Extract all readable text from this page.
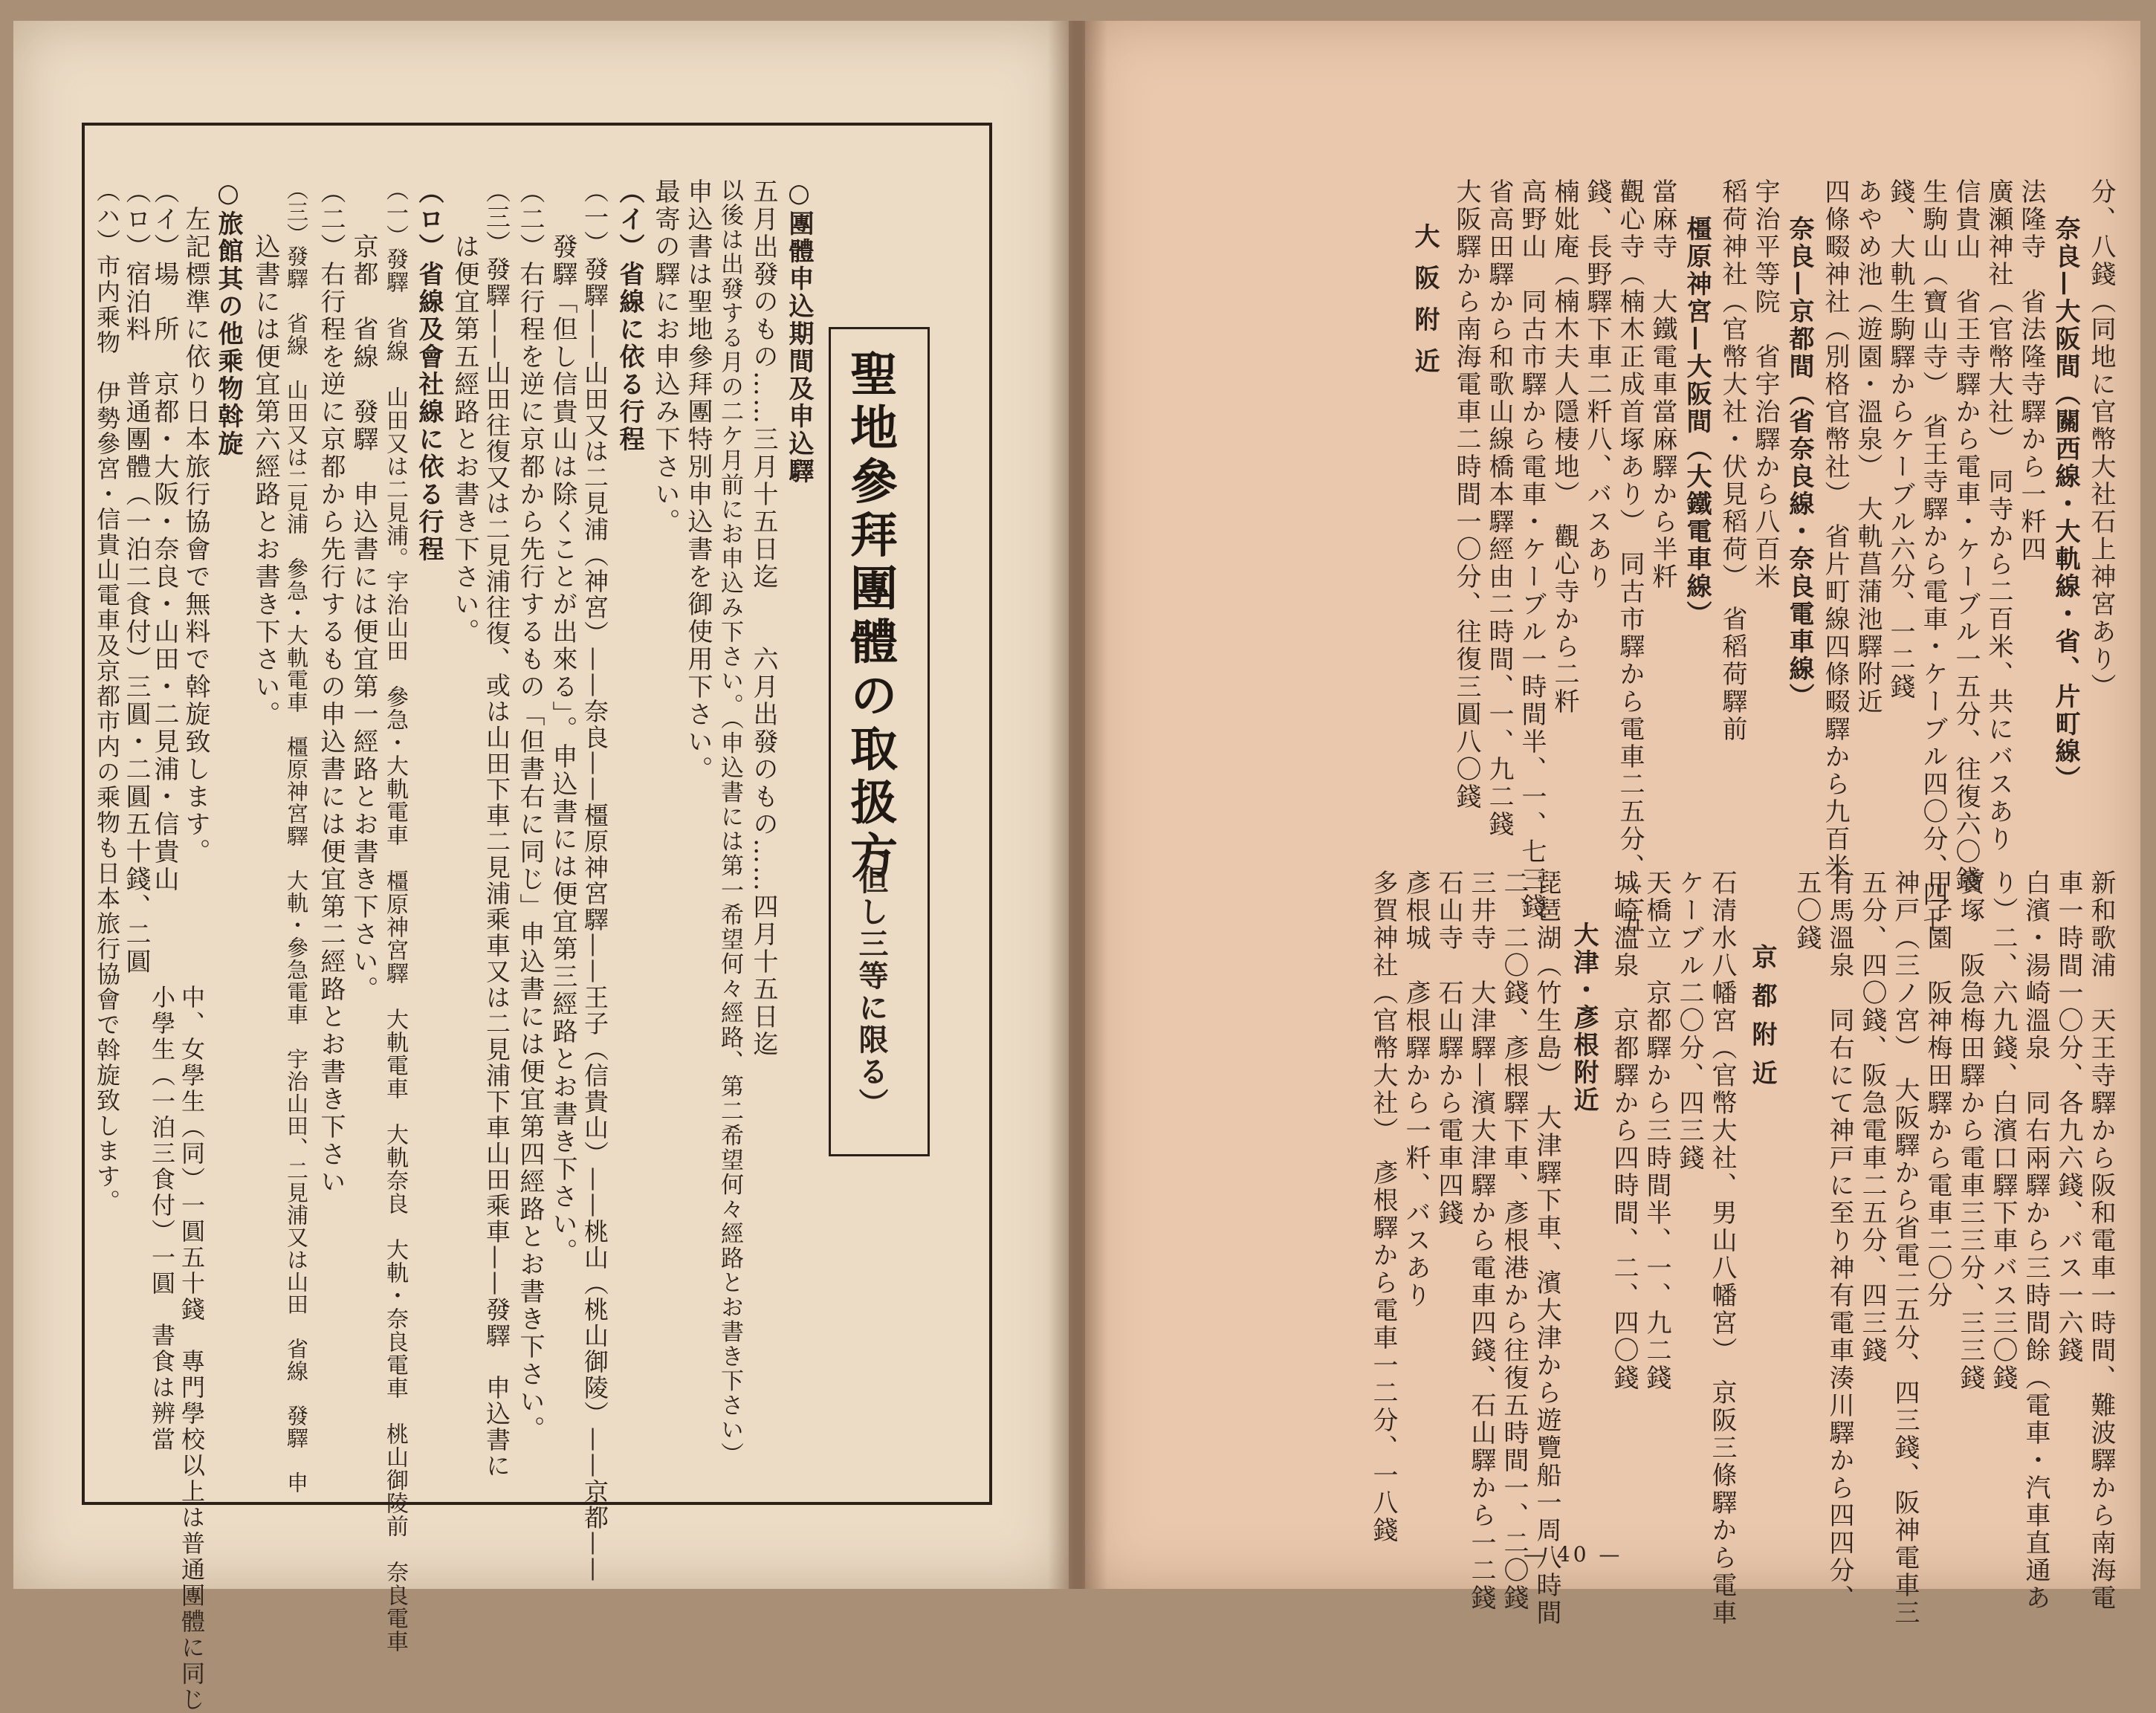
聖地參拜團體の取扱方
（但し三等に限る）
○團體申込期間及申込驛
五月出發のもの……三月十五日迄　　六月出發のもの……四月十五日迄
以後は出發する月の二ケ月前にお申込み下さい。（申込書には第一希望何々經路、第二希望何々經路とお書き下さい）
申込書は聖地參拜團特別申込書を御使用下さい。
最寄の驛にお申込み下さい。
（イ）省線に依る行程
（一）發驛——山田又は二見浦（神宮）——奈良——橿原神宮驛——王子（信貴山）——桃山（桃山御陵）——京都——
　　發驛「但し信貴山は除くことが出來る」。申込書には便宜第三經路とお書き下さい。
（二）右行程を逆に京都から先行するもの「但書右に同じ」申込書には便宜第四經路とお書き下さい。
（三）發驛——山田往復又は二見浦往復、或は山田下車二見浦乘車又は二見浦下車山田乘車——發驛　申込書に
　　は便宜第五經路とお書き下さい。
（ロ）省線及會社線に依る行程
（一）發驛　省線　山田又は二見浦。宇治山田　參急・大軌電車　橿原神宮驛　大軌電車　大軌奈良　大軌・奈良電車　桃山御陵前　奈良電車
　　京都　省線　發驛　申込書には便宜第一經路とお書き下さい。
（二）右行程を逆に京都から先行するもの申込書には便宜第二經路とお書き下さい
（三）發驛　省線　山田又は二見浦　參急・大軌電車　橿原神宮驛　大軌・參急電車　宇治山田、二見浦又は山田　省線　發驛　申
　　込書には便宜第六經路とお書き下さい。
○旅館其の他乘物斡旋
　左記標準に依り日本旅行協會で無料で斡旋致します。
（イ）場　所　京都・大阪・奈良・山田・二見浦・信貴山
（ロ）宿泊料　普通團體（一泊二食付）三圓・二圓五十錢、二圓
　　　　　中、女學生（同）一圓五十錢　專門學校以上は普通團體に同じ
　　　　　小學生（一泊三食付）一圓　書食は辨當
（ハ）市内乘物　伊勢參宮・信貴山電車及京都市内の乘物も日本旅行協會で斡旋致します。	分、八錢（同地に官幣大社石上神宮あり）
奈良—大阪間（關西線・大軌線・省、片町線）
法隆寺　省法隆寺驛から一粁四
廣瀬神社（官幣大社）　同寺から二百米、共にバスあり
信貴山　省王寺驛から電車・ケーブル一五分、往復六〇錢
生駒山（寶山寺）　省王寺驛から電車・ケーブル四〇分、四七
錢、大軌生駒驛からケーブル六分、一二錢
あやめ池（遊園・溫泉）　大軌菖蒲池驛附近
四條畷神社（別格官幣社）　省片町線四條畷驛から九百米
奈良—京都間（省奈良線・奈良電車線）
宇治平等院　省宇治驛から八百米
稻荷神社（官幣大社・伏見稻荷）　省稻荷驛前
橿原神宮—大阪間（大鐵電車線）
當麻寺　大鐵電車當麻驛から半粁
觀心寺（楠木正成首塚あり）　同古市驛から電車二五分、二五
錢、長野驛下車二粁八、バスあり
楠妣庵（楠木夫人隱棲地）　觀心寺から二粁
高野山　同古市驛から電車・ケーブル一時間半、一、七三錢
省高田驛から和歌山線橋本驛經由二時間、一、九二錢
大阪驛から南海電車二時間一〇分、往復三圓八〇錢
大阪附近
新和歌浦　天王寺驛から阪和電車一時間、難波驛から南海電
車一時間一〇分、各九六錢、バス一六錢
白濱・湯崎溫泉　同右兩驛から三時間餘（電車・汽車直通あ
り）二、六九錢、白濱口驛下車バス三〇錢
寶塚　阪急梅田驛から電車三三分、三三錢
甲子園　阪神梅田驛から電車二〇分
神戸（三ノ宮）　大阪驛から省電二五分、四三錢、阪神電車三
五分、四〇錢、阪急電車二五分、四三錢
有馬溫泉　同右にて神戸に至り神有電車湊川驛から四四分、
五〇錢
京都附近
石清水八幡宮（官幣大社、男山八幡宮）　京阪三條驛から電車
ケーブル二〇分、四三錢
天橋立　京都驛から三時間半、一、九二錢
城崎溫泉　京都驛から四時間、二、四〇錢
大津・彥根附近
琵琶湖（竹生島）　大津驛下車、濱大津から遊覽船一周八時間
二、二〇錢、彥根驛下車、彥根港から往復五時間一、二〇錢
三井寺　大津驛—濱大津驛から電車四錢、石山驛から一二錢
石山寺　石山驛から電車四錢
彥根城　彥根驛から一粁、バスあり
多賀神社（官幣大社）　彥根驛から電車一二分、一八錢
— 40 —
